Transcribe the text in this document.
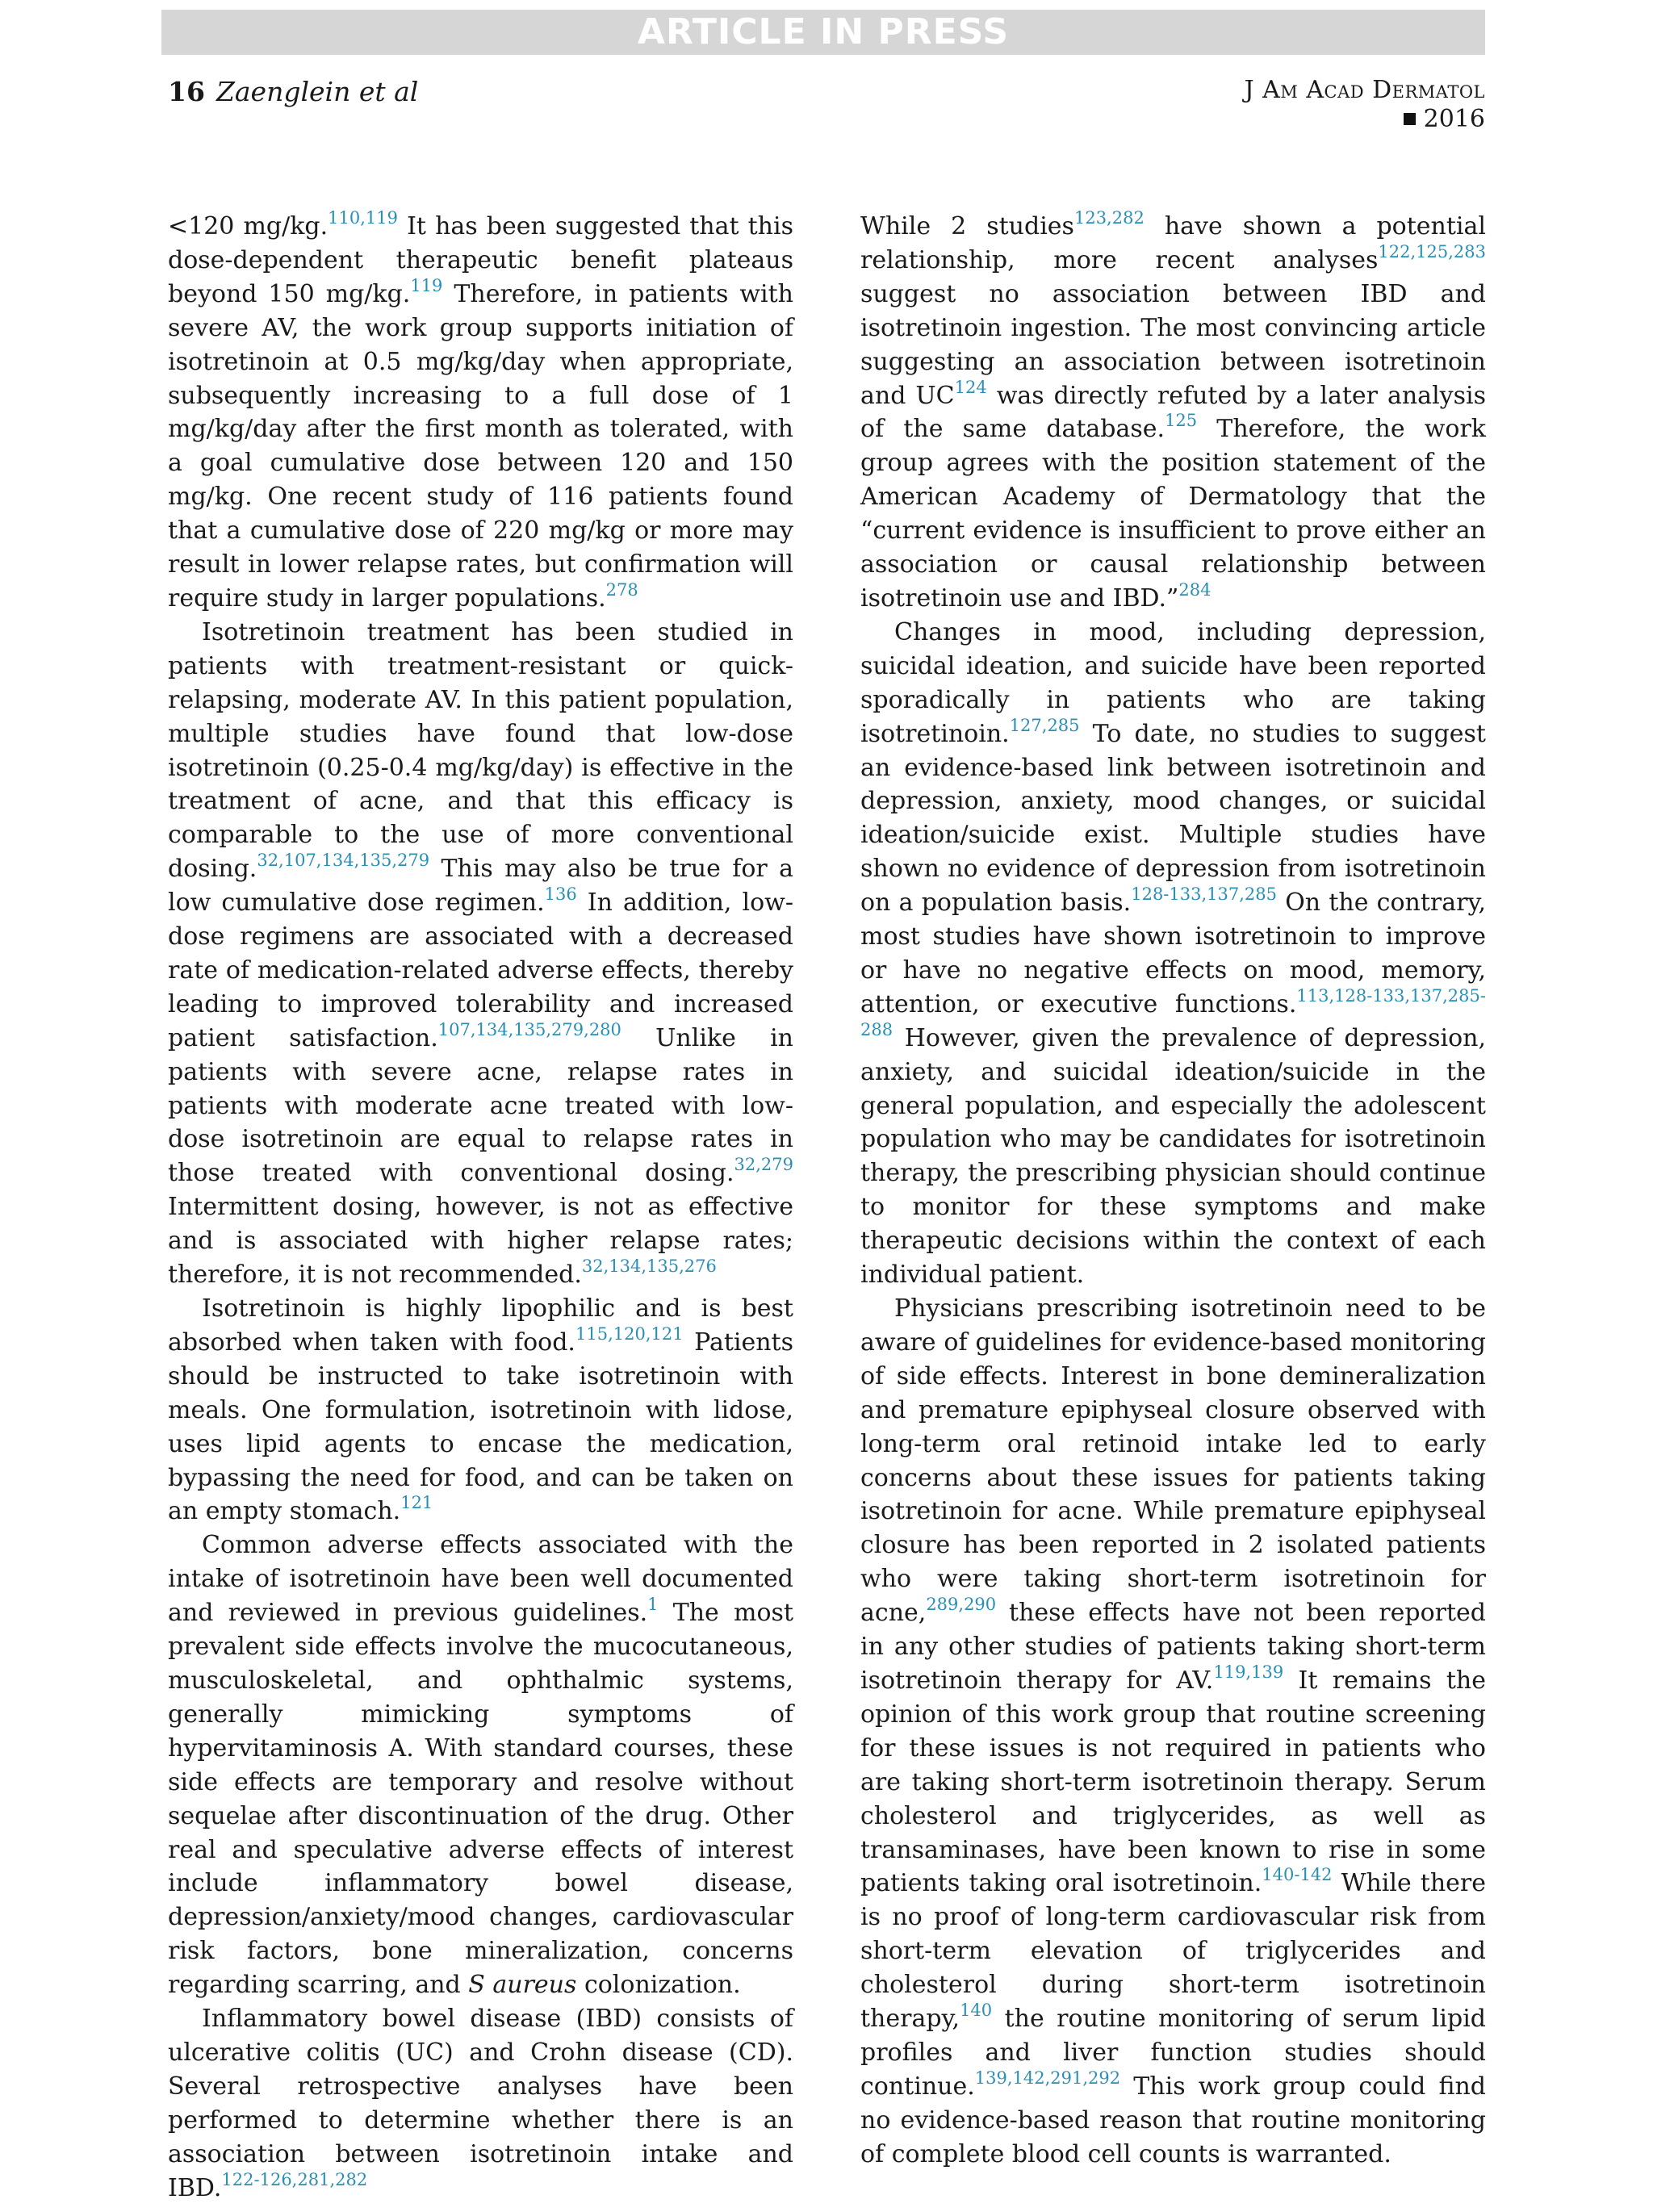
ARTICLE IN PRESS
16 Zaenglein et al	J Am Acad Dermatol
2016

<120 mg/kg.$^{110,119}$ It has been suggested that this dose-dependent therapeutic benefit plateaus beyond 150 mg/kg.$^{119}$ Therefore, in patients with severe AV, the work group supports initiation of isotretinoin at 0.5 mg/kg/day when appropriate, subsequently increasing to a full dose of 1 mg/kg/day after the first month as tolerated, with a goal cumulative dose between 120 and 150 mg/kg. One recent study of 116 patients found that a cumulative dose of 220 mg/kg or more may result in lower relapse rates, but confirmation will require study in larger populations.$^{278}$

Isotretinoin treatment has been studied in patients with treatment-resistant or quick-relapsing, moderate AV. In this patient population, multiple studies have found that low-dose isotretinoin (0.25-0.4 mg/kg/day) is effective in the treatment of acne, and that this efficacy is comparable to the use of more conventional dosing.$^{32,107,134,135,279}$ This may also be true for a low cumulative dose regimen.$^{136}$ In addition, low-dose regimens are associated with a decreased rate of medication-related adverse effects, thereby leading to improved tolerability and increased patient satisfaction.$^{107,134,135,279,280}$ Unlike in patients with severe acne, relapse rates in patients with moderate acne treated with low-dose isotretinoin are equal to relapse rates in those treated with conventional dosing.$^{32,279}$ Intermittent dosing, however, is not as effective and is associated with higher relapse rates; therefore, it is not recommended.$^{32,134,135,276}$

Isotretinoin is highly lipophilic and is best absorbed when taken with food.$^{115,120,121}$ Patients should be instructed to take isotretinoin with meals. One formulation, isotretinoin with lidose, uses lipid agents to encase the medication, bypassing the need for food, and can be taken on an empty stomach.$^{121}$

Common adverse effects associated with the intake of isotretinoin have been well documented and reviewed in previous guidelines.$^1$ The most prevalent side effects involve the mucocutaneous, musculoskeletal, and ophthalmic systems, generally mimicking symptoms of hypervitaminosis A. With standard courses, these side effects are temporary and resolve without sequelae after discontinuation of the drug. Other real and speculative adverse effects of interest include inflammatory bowel disease, depression/anxiety/mood changes, cardiovascular risk factors, bone mineralization, concerns regarding scarring, and S aureus colonization.

Inflammatory bowel disease (IBD) consists of ulcerative colitis (UC) and Crohn disease (CD). Several retrospective analyses have been performed to determine whether there is an association between isotretinoin intake and IBD.$^{122-126,281,282}$

While 2 studies$^{123,282}$ have shown a potential relationship, more recent analyses$^{122,125,283}$ suggest no association between IBD and isotretinoin ingestion. The most convincing article suggesting an association between isotretinoin and UC$^{124}$ was directly refuted by a later analysis of the same database.$^{125}$ Therefore, the work group agrees with the position statement of the American Academy of Dermatology that the “current evidence is insufficient to prove either an association or causal relationship between isotretinoin use and IBD.”$^{284}$

Changes in mood, including depression, suicidal ideation, and suicide have been reported sporadically in patients who are taking isotretinoin.$^{127,285}$ To date, no studies to suggest an evidence-based link between isotretinoin and depression, anxiety, mood changes, or suicidal ideation/suicide exist. Multiple studies have shown no evidence of depression from isotretinoin on a population basis.$^{128-133,137,285}$ On the contrary, most studies have shown isotretinoin to improve or have no negative effects on mood, memory, attention, or executive functions.$^{113,128-133,137,285-288}$ However, given the prevalence of depression, anxiety, and suicidal ideation/suicide in the general population, and especially the adolescent population who may be candidates for isotretinoin therapy, the prescribing physician should continue to monitor for these symptoms and make therapeutic decisions within the context of each individual patient.

Physicians prescribing isotretinoin need to be aware of guidelines for evidence-based monitoring of side effects. Interest in bone demineralization and premature epiphyseal closure observed with long-term oral retinoid intake led to early concerns about these issues for patients taking isotretinoin for acne. While premature epiphyseal closure has been reported in 2 isolated patients who were taking short-term isotretinoin for acne,$^{289,290}$ these effects have not been reported in any other studies of patients taking short-term isotretinoin therapy for AV.$^{119,139}$ It remains the opinion of this work group that routine screening for these issues is not required in patients who are taking short-term isotretinoin therapy. Serum cholesterol and triglycerides, as well as transaminases, have been known to rise in some patients taking oral isotretinoin.$^{140-142}$ While there is no proof of long-term cardiovascular risk from short-term elevation of triglycerides and cholesterol during short-term isotretinoin therapy,$^{140}$ the routine monitoring of serum lipid profiles and liver function studies should continue.$^{139,142,291,292}$ This work group could find no evidence-based reason that routine monitoring of complete blood cell counts is warranted.
